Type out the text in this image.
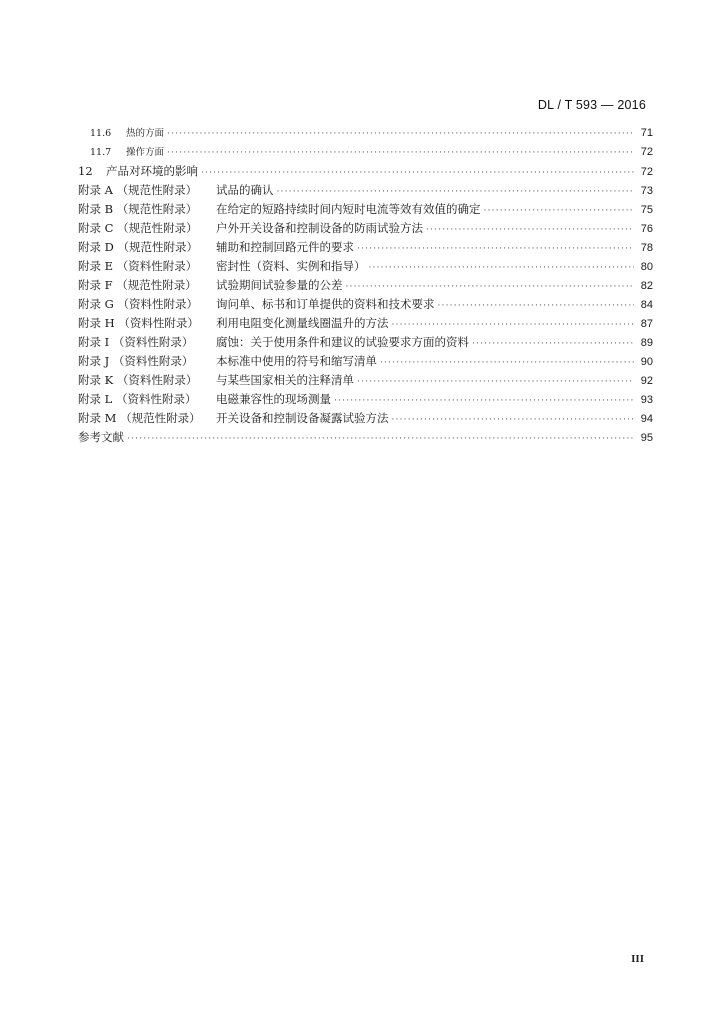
DL / T 593 — 2016
11.6	热的方面 ·····	71
11.7	操作方面 ·····	72
12	产品对环境的影响 ·····	72
附录 A （规范性附录）	试品的确认 ·····	73
附录 B （规范性附录）	在给定的短路持续时间内短时电流等效有效值的确定 ·····	75
附录 C （规范性附录）	户外开关设备和控制设备的防雨试验方法 ·····	76
附录 D （规范性附录）	辅助和控制回路元件的要求 ·····	78
附录 E （资料性附录）	密封性（资料、实例和指导） ·····	80
附录 F （规范性附录）	试验期间试验参量的公差 ·····	82
附录 G （资料性附录）	询问单、标书和订单提供的资料和技术要求 ·····	84
附录 H （资料性附录）	利用电阻变化测量线圈温升的方法 ·····	87
附录 I （资料性附录）	腐蚀：关于使用条件和建议的试验要求方面的资料 ·····	89
附录 J （资料性附录）	本标准中使用的符号和缩写清单 ·····	90
附录 K （资料性附录）	与某些国家相关的注释清单 ·····	92
附录 L （资料性附录）	电磁兼容性的现场测量 ·····	93
附录 M （规范性附录）	开关设备和控制设备凝露试验方法 ·····	94
参考文献 ·····	95
III
